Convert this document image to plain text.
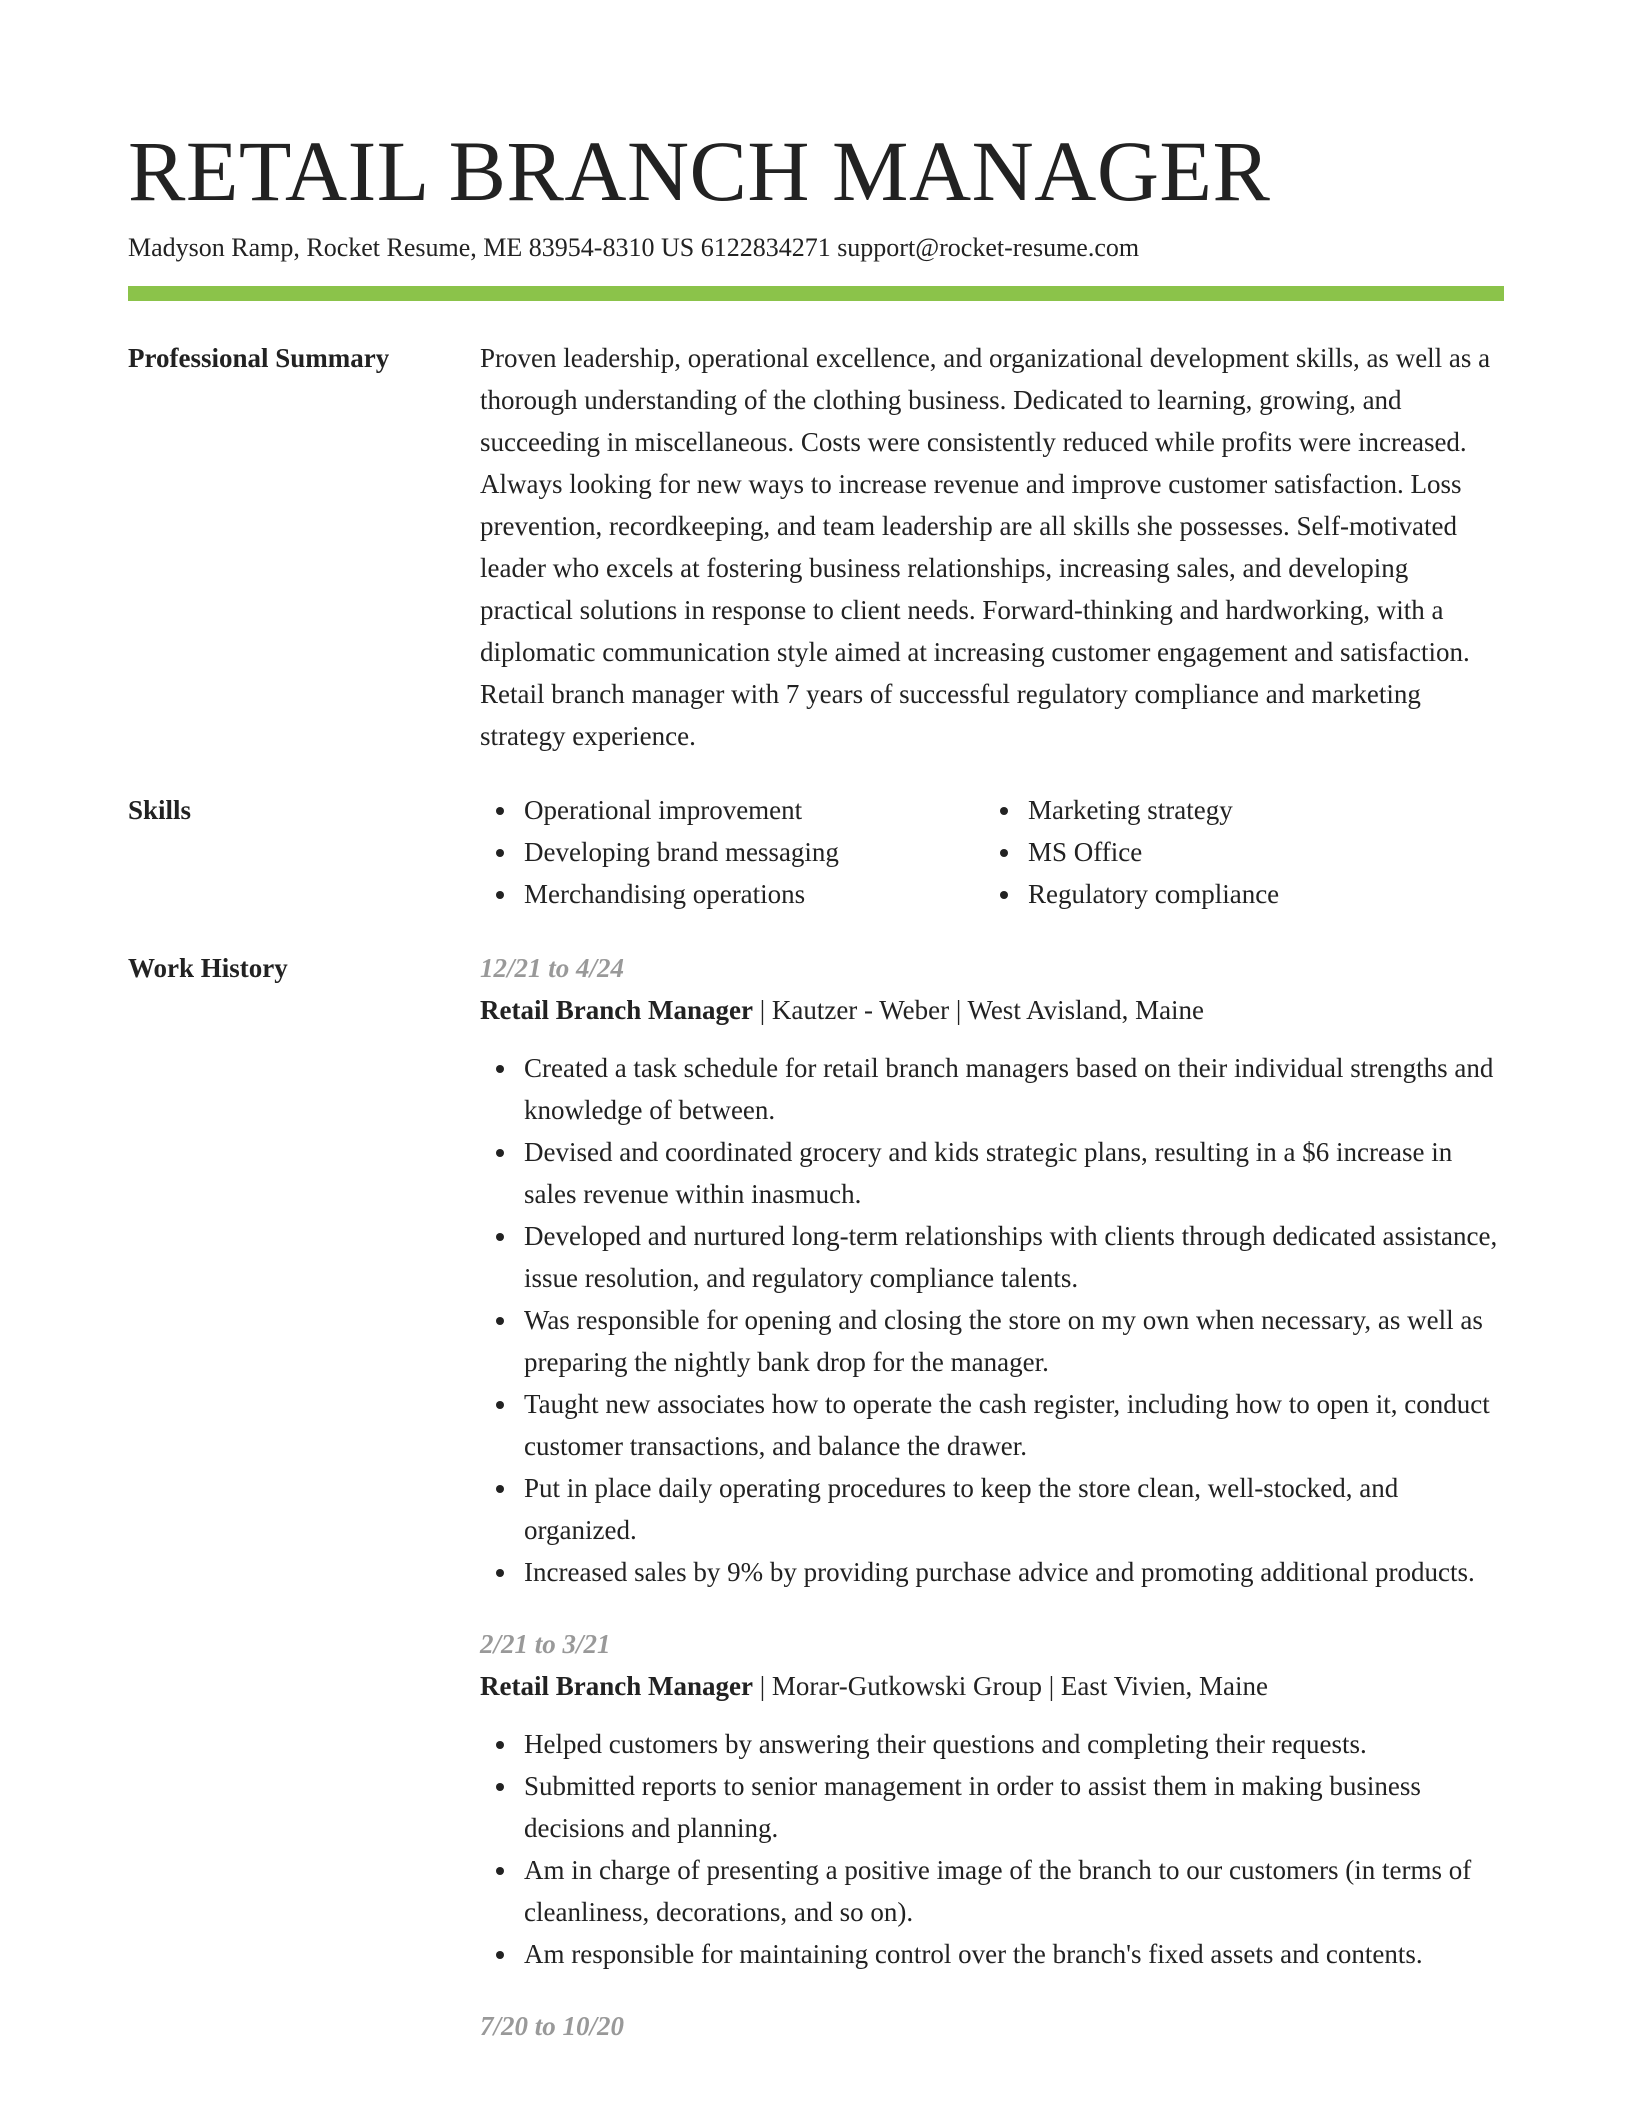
RETAIL BRANCH MANAGER
Madyson Ramp, Rocket Resume, ME 83954-8310 US 6122834271 support@rocket-resume.com
Professional Summary	Proven leadership, operational excellence, and organizational development skills, as well as a thorough understanding of the clothing business. Dedicated to learning, growing, and succeeding in miscellaneous. Costs were consistently reduced while profits were increased. Always looking for new ways to increase revenue and improve customer satisfaction. Loss prevention, recordkeeping, and team leadership are all skills she possesses. Self-motivated leader who excels at fostering business relationships, increasing sales, and developing practical solutions in response to client needs. Forward-thinking and hardworking, with a diplomatic communication style aimed at increasing customer engagement and satisfaction. Retail branch manager with 7 years of successful regulatory compliance and marketing strategy experience.

Skills	Operational improvement
Developing brand messaging
Merchandising operations
Marketing strategy
MS Office
Regulatory compliance
Work History	12/21 to 4/24
Retail Branch Manager | Kautzer - Weber | West Avisland, Maine
Created a task schedule for retail branch managers based on their individual strengths and knowledge of between.
Devised and coordinated grocery and kids strategic plans, resulting in a $6 increase in sales revenue within inasmuch.
Developed and nurtured long-term relationships with clients through dedicated assistance, issue resolution, and regulatory compliance talents.
Was responsible for opening and closing the store on my own when necessary, as well as preparing the nightly bank drop for the manager.
Taught new associates how to operate the cash register, including how to open it, conduct customer transactions, and balance the drawer.
Put in place daily operating procedures to keep the store clean, well-stocked, and organized.
Increased sales by 9% by providing purchase advice and promoting additional products.
2/21 to 3/21
Retail Branch Manager | Morar-Gutkowski Group | East Vivien, Maine
Helped customers by answering their questions and completing their requests.
Submitted reports to senior management in order to assist them in making business decisions and planning.
Am in charge of presenting a positive image of the branch to our customers (in terms of cleanliness, decorations, and so on).
Am responsible for maintaining control over the branch's fixed assets and contents.
7/20 to 10/20
